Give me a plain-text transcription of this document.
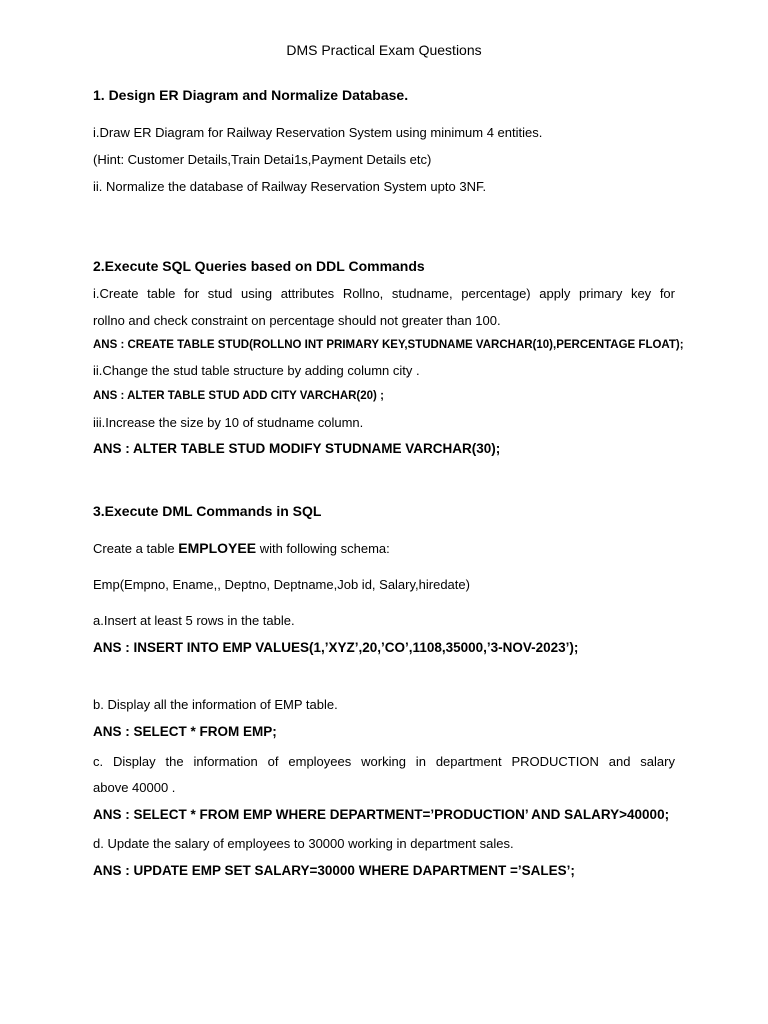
DMS Practical Exam Questions
1. Design ER Diagram and Normalize Database.
i.Draw ER Diagram for Railway Reservation System using minimum 4 entities.
(Hint: Customer Details,Train Detai1s,Payment Details etc)
ii. Normalize the database of Railway Reservation System upto 3NF.
2.Execute SQL Queries based on DDL Commands
i.Create table for stud using attributes Rollno, studname, percentage) apply primary key for
rollno and check constraint on percentage should not greater than 100.
ANS : CREATE TABLE STUD(ROLLNO INT PRIMARY KEY,STUDNAME VARCHAR(10),PERCENTAGE FLOAT);
ii.Change the stud table structure by adding column city .
ANS : ALTER TABLE STUD ADD CITY VARCHAR(20) ;
iii.Increase the size by 10 of studname column.
ANS : ALTER TABLE STUD MODIFY STUDNAME VARCHAR(30);
3.Execute DML Commands in SQL
Create a table EMPLOYEE with following schema:
Emp(Empno, Ename,, Deptno, Deptname,Job id, Salary,hiredate)
a.Insert at least 5 rows in the table.
ANS : INSERT INTO EMP VALUES(1,’XYZ’,20,’CO’,1108,35000,’3-NOV-2023’);
b. Display all the information of EMP table.
ANS : SELECT * FROM EMP;
c. Display the information of employees working in department PRODUCTION and salary
above 40000 .
ANS : SELECT * FROM EMP WHERE DEPARTMENT=’PRODUCTION’ AND SALARY>40000;
d. Update the salary of employees to 30000 working in department sales.
ANS : UPDATE EMP SET SALARY=30000 WHERE DAPARTMENT =’SALES’;
